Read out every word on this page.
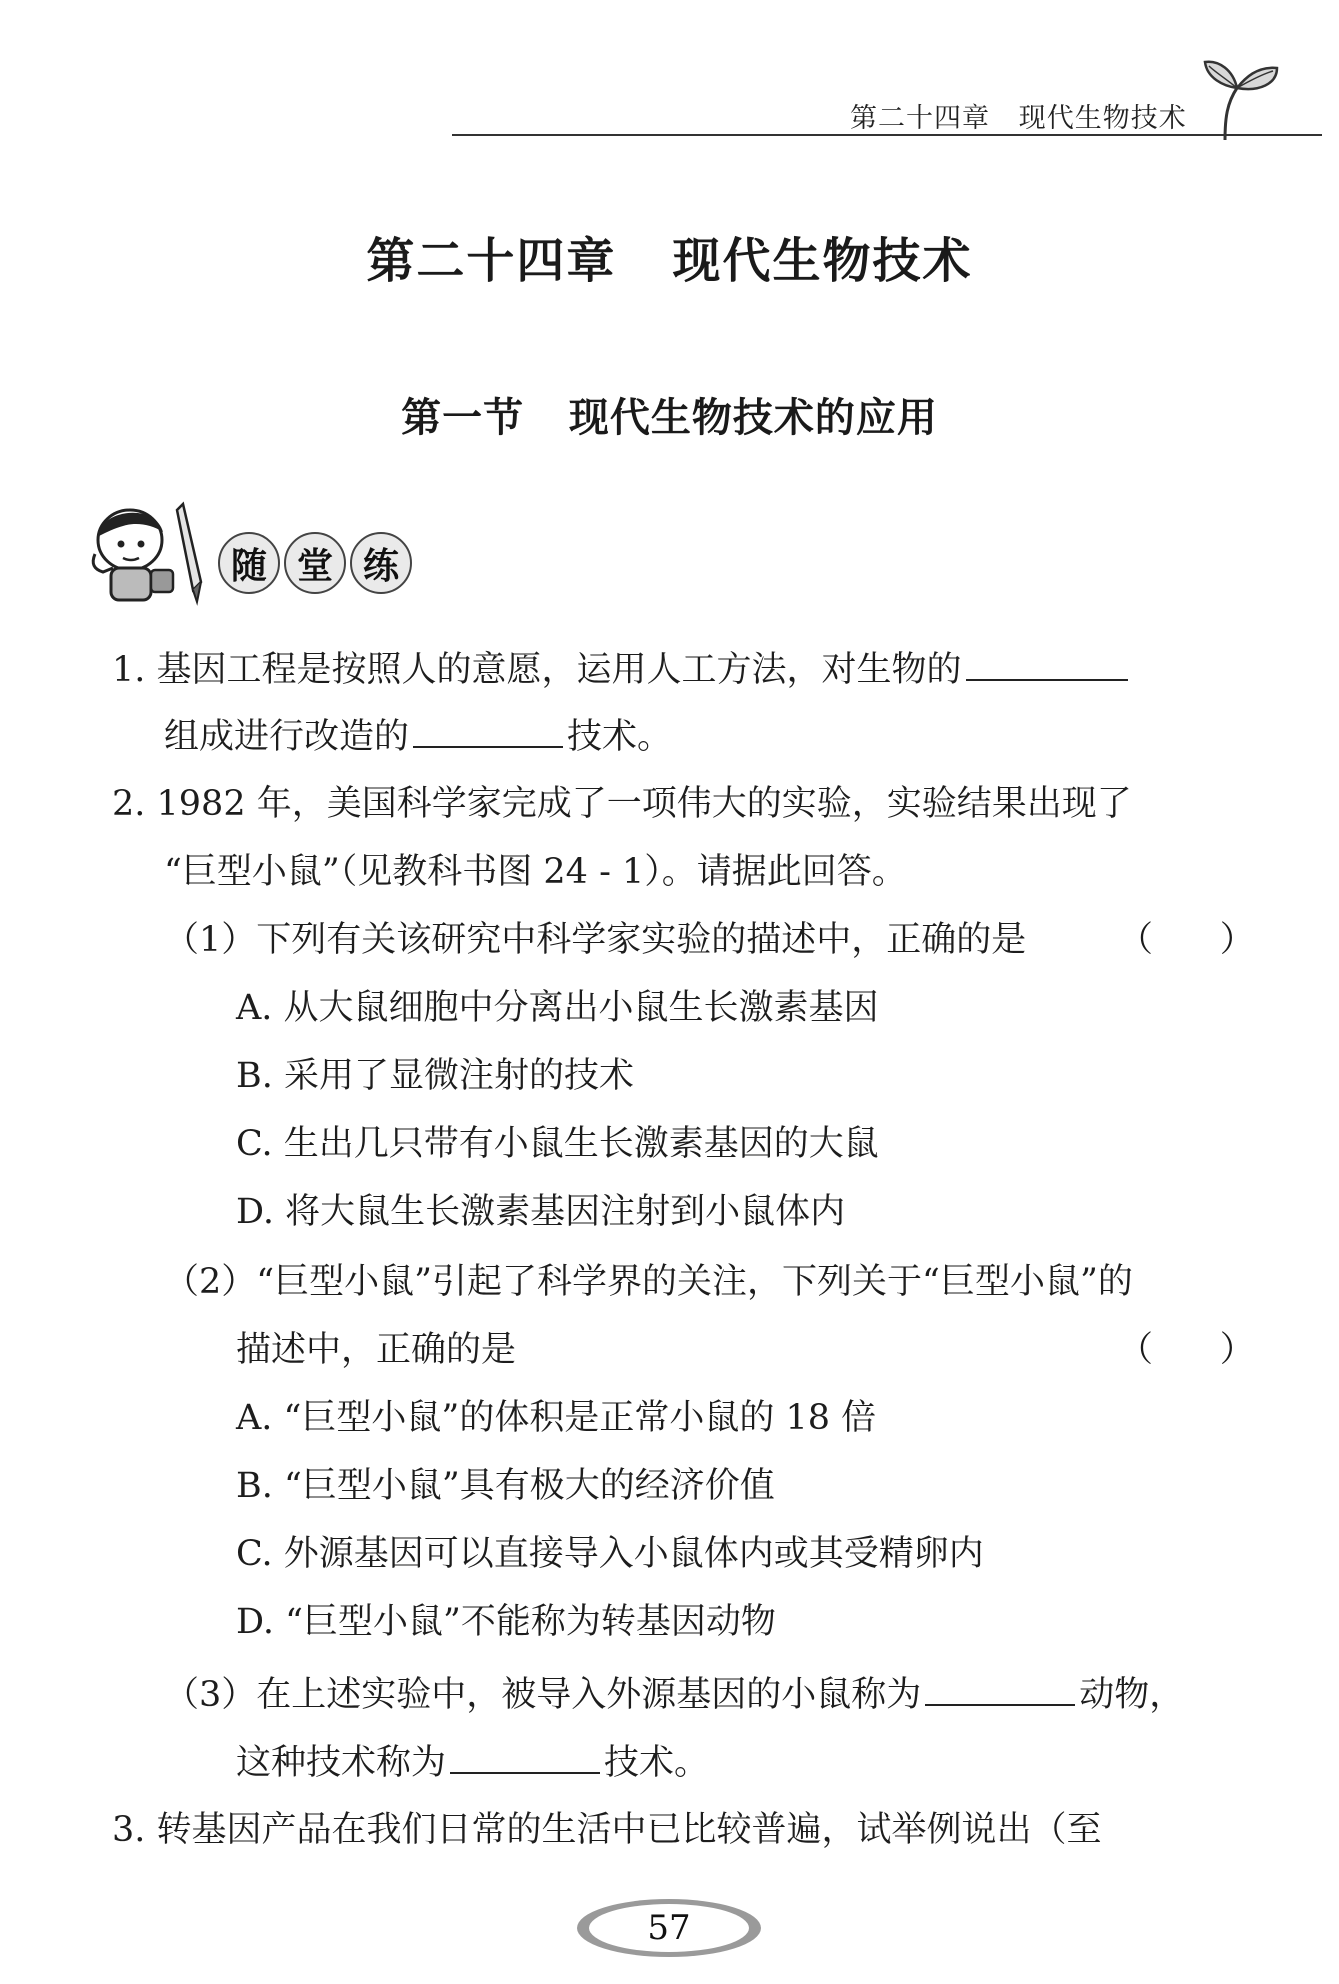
第二十四章   现代生物技术
第二十四章   现代生物技术
第一节   现代生物技术的应用
随 堂 练
1. 基因工程是按照人的意愿，运用人工方法，对生物的
组成进行改造的	技术。
2. 1982 年，美国科学家完成了一项伟大的实验，实验结果出现了
“巨型小鼠”（见教科书图 24 - 1）。请据此回答。
（1）下列有关该研究中科学家实验的描述中，正确的是	（      ）
A. 从大鼠细胞中分离出小鼠生长激素基因
B. 采用了显微注射的技术
C. 生出几只带有小鼠生长激素基因的大鼠
D. 将大鼠生长激素基因注射到小鼠体内
（2）“巨型小鼠”引起了科学界的关注，下列关于“巨型小鼠”的
描述中，正确的是	（      ）
A. “巨型小鼠”的体积是正常小鼠的 18 倍
B. “巨型小鼠”具有极大的经济价值
C. 外源基因可以直接导入小鼠体内或其受精卵内
D. “巨型小鼠”不能称为转基因动物
（3）在上述实验中，被导入外源基因的小鼠称为	动物，
这种技术称为	技术。
3. 转基因产品在我们日常的生活中已比较普遍，试举例说出（至
57
